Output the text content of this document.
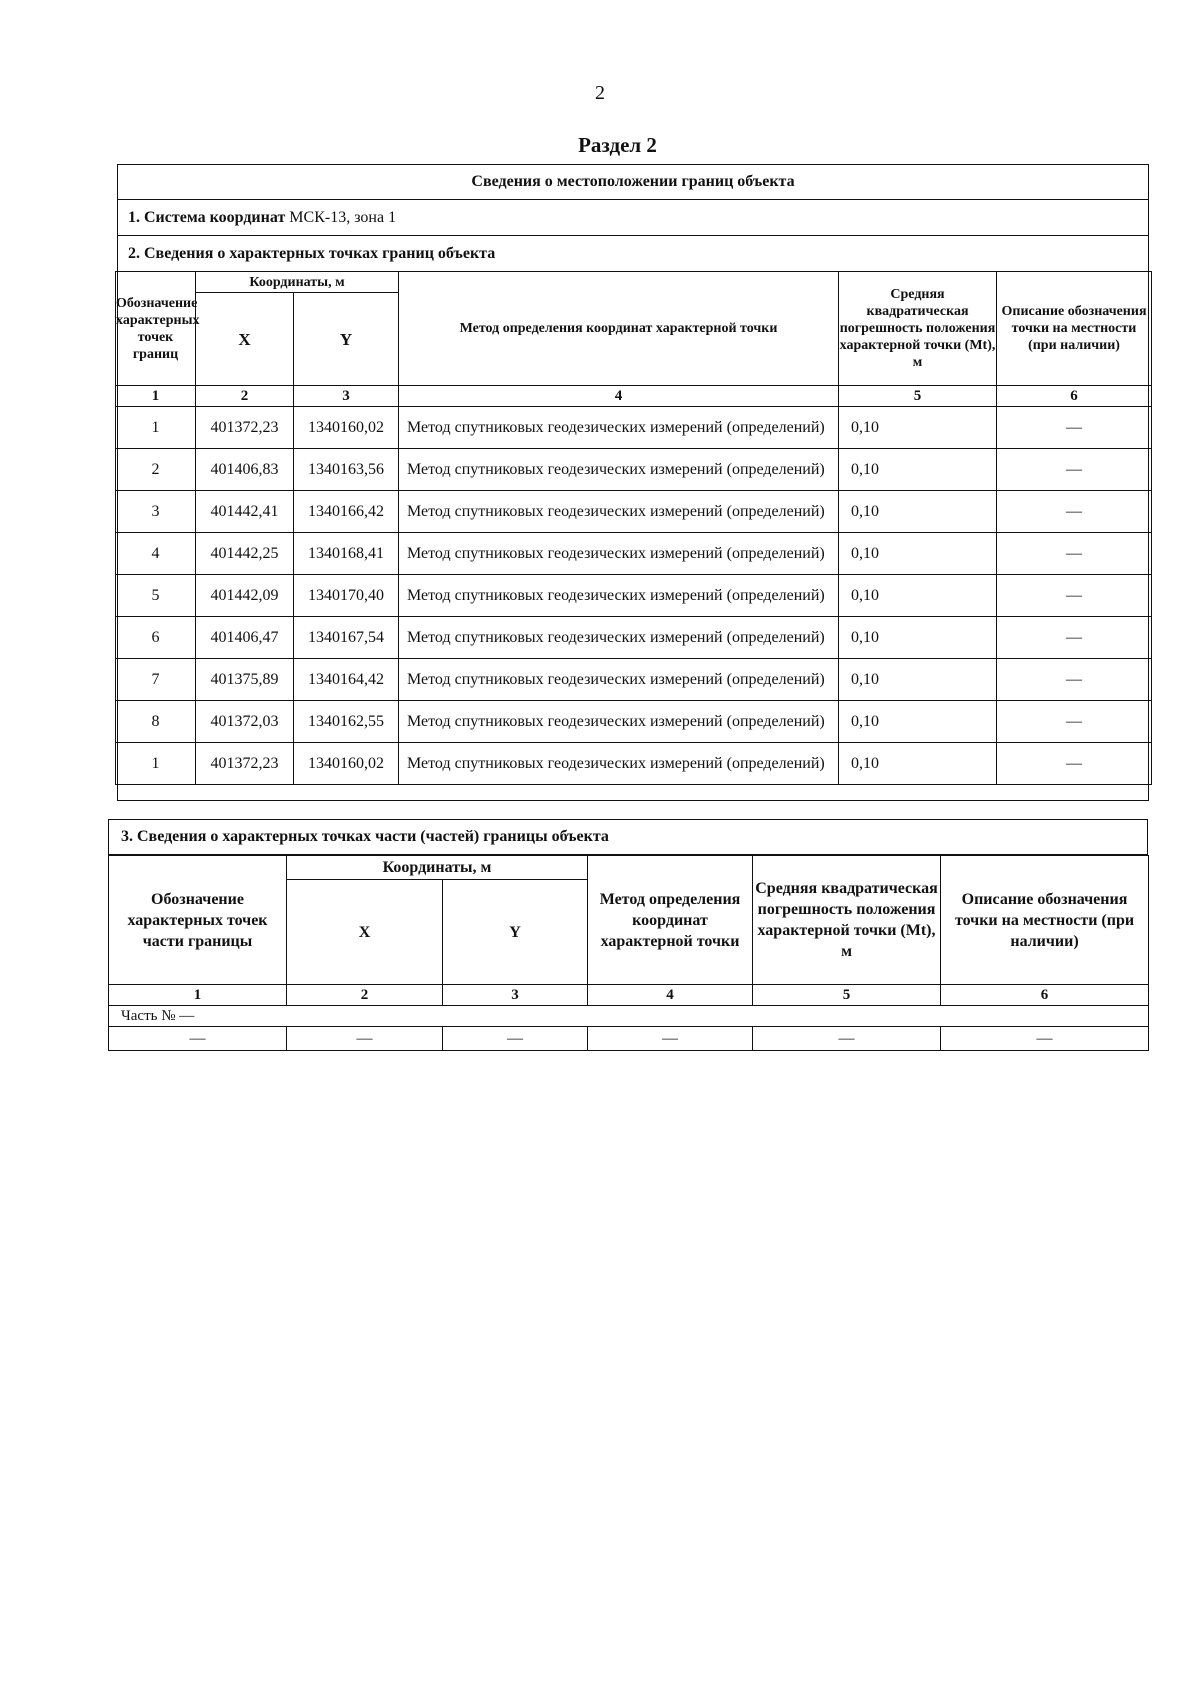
2
Раздел 2
Сведения о местоположении границ объекта
1. Система координат
МСК-13, зона 1
2. Сведения о характерных точках границ объекта
Обозначение характерных точек границ	Координаты, м		Метод определения координат характерной точки	Средняя квадратическая погрешность положения характерной точки (Mt), м	Описание обозначения точки на местности (при наличии)
	X	Y			
1	2	3	4	5	6
1	401372,23	1340160,02	Метод спутниковых геодезических измерений (определений)	0,10	—
2	401406,83	1340163,56	Метод спутниковых геодезических измерений (определений)	0,10	—
3	401442,41	1340166,42	Метод спутниковых геодезических измерений (определений)	0,10	—
4	401442,25	1340168,41	Метод спутниковых геодезических измерений (определений)	0,10	—
5	401442,09	1340170,40	Метод спутниковых геодезических измерений (определений)	0,10	—
6	401406,47	1340167,54	Метод спутниковых геодезических измерений (определений)	0,10	—
7	401375,89	1340164,42	Метод спутниковых геодезических измерений (определений)	0,10	—
8	401372,03	1340162,55	Метод спутниковых геодезических измерений (определений)	0,10	—
1	401372,23	1340160,02	Метод спутниковых геодезических измерений (определений)	0,10	—
3. Сведения о характерных точках части (частей) границы объекта
Обозначение характерных точек части границы	Координаты, м		Метод определения координат характерной точки	Средняя квадратическая погрешность положения характерной точки (Mt), м	Описание обозначения точки на местности (при наличии)
	X	Y			
1	2	3	4	5	6
Часть № —					
—	—	—	—	—	—
